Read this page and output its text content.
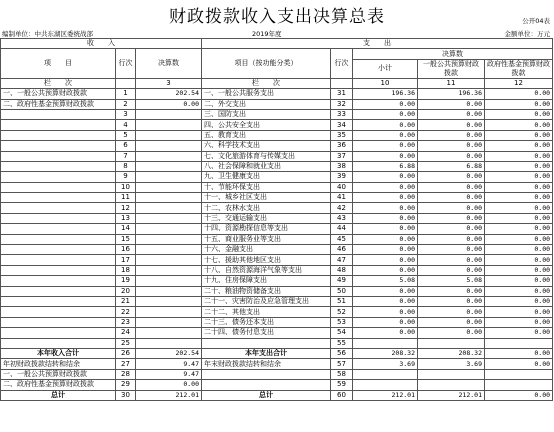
财政拨款收入支出决算总表	公开04表
编制单位：中共东湖区委统战部	2019年度	金额单位：万元
收　　入			支　　出				
项　　目	行次	决算数	项目（按功能分类）	行次	决算数		
					小计	一般公共预算财政拨款	政府性基金预算财政拨款
栏　　次		3	栏　　次		10	11	12
一、一般公共预算财政拨款	1	202.54	一、一般公共服务支出	31	196.36	196.36	0.00
二、政府性基金预算财政拨款	2	0.00	二、外交支出	32	0.00	0.00	0.00
	3		三、国防支出	33	0.00	0.00	0.00
	4		四、公共安全支出	34	0.00	0.00	0.00
	5		五、教育支出	35	0.00	0.00	0.00
	6		六、科学技术支出	36	0.00	0.00	0.00
	7		七、文化旅游体育与传媒支出	37	0.00	0.00	0.00
	8		八、社会保障和就业支出	38	6.88	6.88	0.00
	9		九、卫生健康支出	39	0.00	0.00	0.00
	10		十、节能环保支出	40	0.00	0.00	0.00
	11		十一、城乡社区支出	41	0.00	0.00	0.00
	12		十二、农林水支出	42	0.00	0.00	0.00
	13		十三、交通运输支出	43	0.00	0.00	0.00
	14		十四、资源勘探信息等支出	44	0.00	0.00	0.00
	15		十五、商业服务业等支出	45	0.00	0.00	0.00
	16		十六、金融支出	46	0.00	0.00	0.00
	17		十七、援助其他地区支出	47	0.00	0.00	0.00
	18		十八、自然资源海洋气象等支出	48	0.00	0.00	0.00
	19		十九、住房保障支出	49	5.08	5.08	0.00
	20		二十、粮油物资储备支出	50	0.00	0.00	0.00
	21		二十一、灾害防治及应急管理支出	51	0.00	0.00	0.00
	22		二十二、其他支出	52	0.00	0.00	0.00
	23		二十三、债务还本支出	53	0.00	0.00	0.00
	24		二十四、债务付息支出	54	0.00	0.00	0.00
	25			55			
本年收入合计	26	202.54	本年支出合计	56	208.32	208.32	0.00
年初财政拨款结转和结余	27	9.47	年末财政拨款结转和结余	57	3.69	3.69	0.00
一、一般公共预算财政拨款	28	9.47		58			
二、政府性基金预算财政拨款	29	0.00		59			
总计	30	212.01	总计	60	212.01	212.01	0.00
